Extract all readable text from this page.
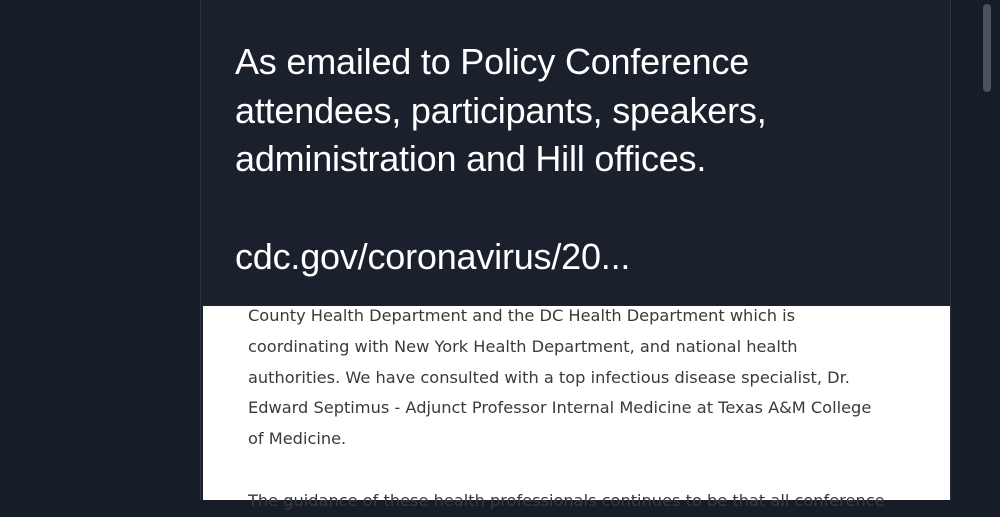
As emailed to Policy Conference

attendees, participants, speakers,

administration and Hill offices.

cdc.gov/coronavirus/20...

County Health Department and the DC Health Department which is

coordinating with New York Health Department, and national health

authorities. We have consulted with a top infectious disease specialist, Dr.

Edward Septimus - Adjunct Professor Internal Medicine at Texas A&M College

of Medicine.

The guidance of these health professionals continues to be that all conference
